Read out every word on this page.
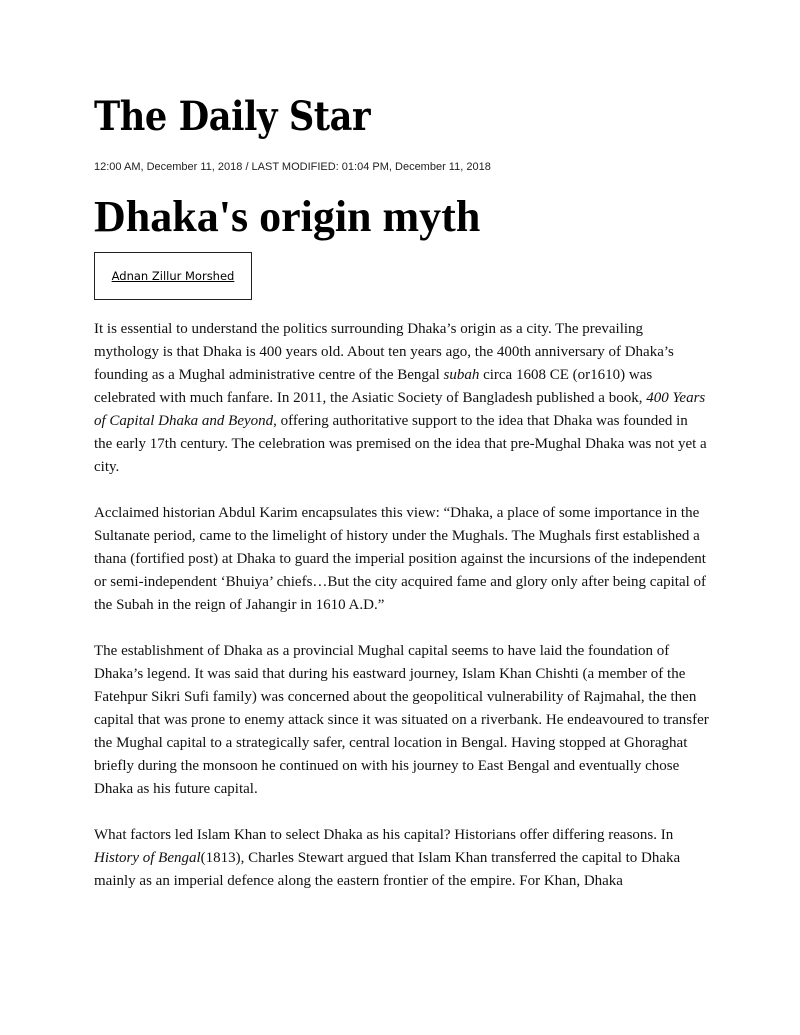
The Daily Star
12:00 AM, December 11, 2018 / LAST MODIFIED: 01:04 PM, December 11, 2018
Dhaka's origin myth
Adnan Zillur Morshed

It is essential to understand the politics surrounding Dhaka’s origin as a city. The prevailing mythology is that Dhaka is 400 years old. About ten years ago, the 400th anniversary of Dhaka’s founding as a Mughal administrative centre of the Bengal subah circa 1608 CE (or1610) was celebrated with much fanfare. In 2011, the Asiatic Society of Bangladesh published a book, 400 Years of Capital Dhaka and Beyond, offering authoritative support to the idea that Dhaka was founded in the early 17th century. The celebration was premised on the idea that pre-Mughal Dhaka was not yet a city.

Acclaimed historian Abdul Karim encapsulates this view: “Dhaka, a place of some importance in the Sultanate period, came to the limelight of history under the Mughals. The Mughals first established a thana (fortified post) at Dhaka to guard the imperial position against the incursions of the independent or semi-independent ‘Bhuiya’ chiefs…But the city acquired fame and glory only after being capital of the Subah in the reign of Jahangir in 1610 A.D.”

The establishment of Dhaka as a provincial Mughal capital seems to have laid the foundation of Dhaka’s legend. It was said that during his eastward journey, Islam Khan Chishti (a member of the Fatehpur Sikri Sufi family) was concerned about the geopolitical vulnerability of Rajmahal, the then capital that was prone to enemy attack since it was situated on a riverbank. He endeavoured to transfer the Mughal capital to a strategically safer, central location in Bengal. Having stopped at Ghoraghat briefly during the monsoon he continued on with his journey to East Bengal and eventually chose Dhaka as his future capital.

What factors led Islam Khan to select Dhaka as his capital? Historians offer differing reasons. In History of Bengal(1813), Charles Stewart argued that Islam Khan transferred the capital to Dhaka mainly as an imperial defence along the eastern frontier of the empire. For Khan, Dhaka
